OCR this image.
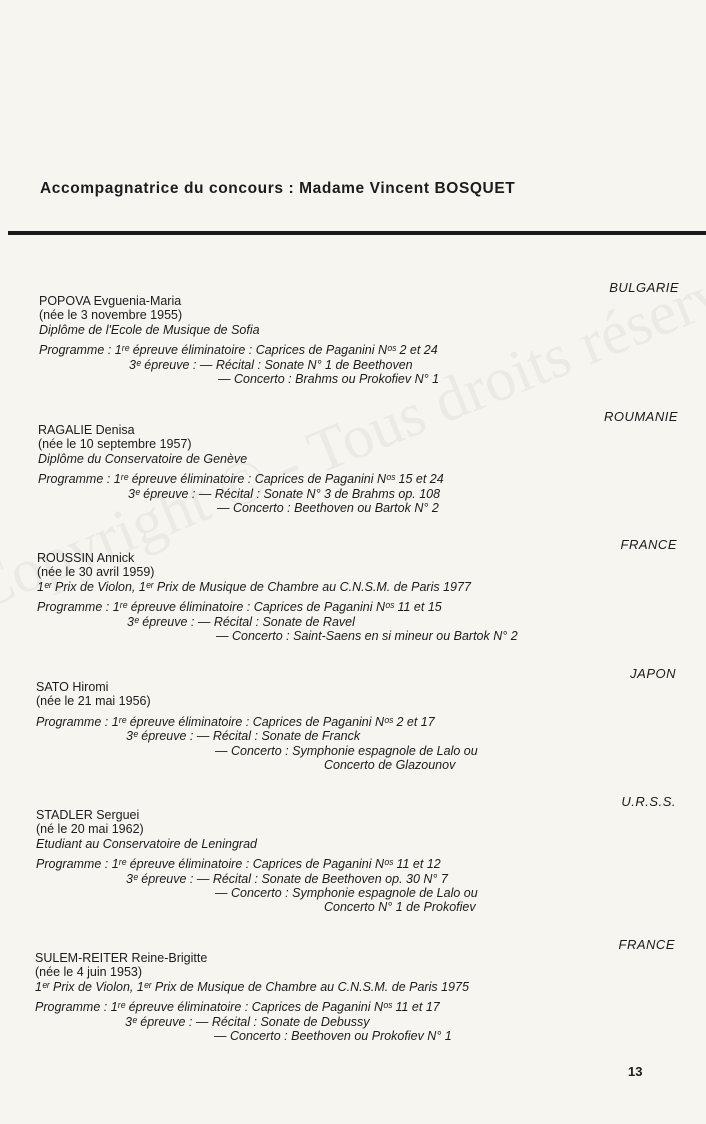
Accompagnatrice du concours : Madame Vincent BOSQUET
BULGARIE
POPOVA Evguenia-Maria
(née le 3 novembre 1955)
Diplôme de l'Ecole de Musique de Sofia
Programme : 1ʳᵉ épreuve éliminatoire : Caprices de Paganini Nᵒˢ 2 et 24
3ᵉ épreuve : — Récital : Sonate N° 1 de Beethoven
— Concerto : Brahms ou Prokofiev N° 1
ROUMANIE
RAGALIE Denisa
(née le 10 septembre 1957)
Diplôme du Conservatoire de Genève
Programme : 1ʳᵉ épreuve éliminatoire : Caprices de Paganini Nᵒˢ 15 et 24
3ᵉ épreuve : — Récital : Sonate N° 3 de Brahms op. 108
— Concerto : Beethoven ou Bartok N° 2
FRANCE
ROUSSIN Annick
(née le 30 avril 1959)
1ᵉʳ Prix de Violon, 1ᵉʳ Prix de Musique de Chambre au C.N.S.M. de Paris 1977
Programme : 1ʳᵉ épreuve éliminatoire : Caprices de Paganini Nᵒˢ 11 et 15
3ᵉ épreuve : — Récital : Sonate de Ravel
— Concerto : Saint-Saens en si mineur ou Bartok N° 2
JAPON
SATO Hiromi
(née le 21 mai 1956)
Programme : 1ʳᵉ épreuve éliminatoire : Caprices de Paganini Nᵒˢ 2 et 17
3ᵉ épreuve : — Récital : Sonate de Franck
— Concerto : Symphonie espagnole de Lalo ou
Concerto de Glazounov
U.R.S.S.
STADLER Serguei
(né le 20 mai 1962)
Etudiant au Conservatoire de Leningrad
Programme : 1ʳᵉ épreuve éliminatoire : Caprices de Paganini Nᵒˢ 11 et 12
3ᵉ épreuve : — Récital : Sonate de Beethoven op. 30 N° 7
— Concerto : Symphonie espagnole de Lalo ou
Concerto N° 1 de Prokofiev
FRANCE
SULEM-REITER Reine-Brigitte
(née le 4 juin 1953)
1ᵉʳ Prix de Violon, 1ᵉʳ Prix de Musique de Chambre au C.N.S.M. de Paris 1975
Programme : 1ʳᵉ épreuve éliminatoire : Caprices de Paganini Nᵒˢ 11 et 17
3ᵉ épreuve : — Récital : Sonate de Debussy
— Concerto : Beethoven ou Prokofiev N° 1
13
